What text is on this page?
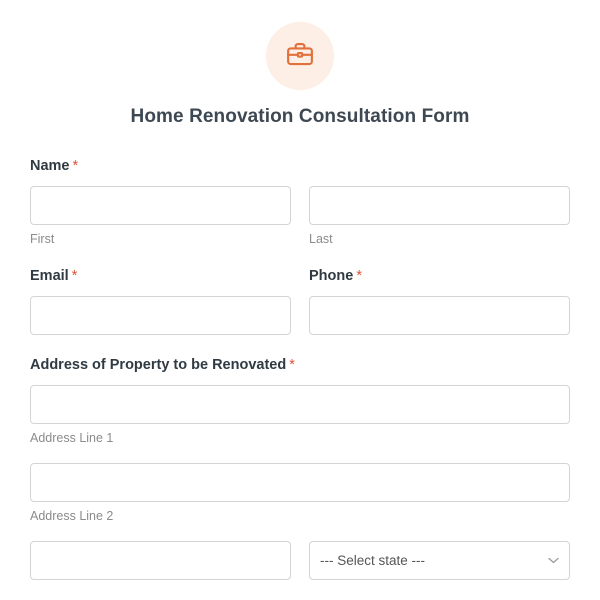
Home Renovation Consultation Form
Name *
First	Last
Email *	Phone *
Address of Property to be Renovated *
Address Line 1
Address Line 2
--- Select state ---
